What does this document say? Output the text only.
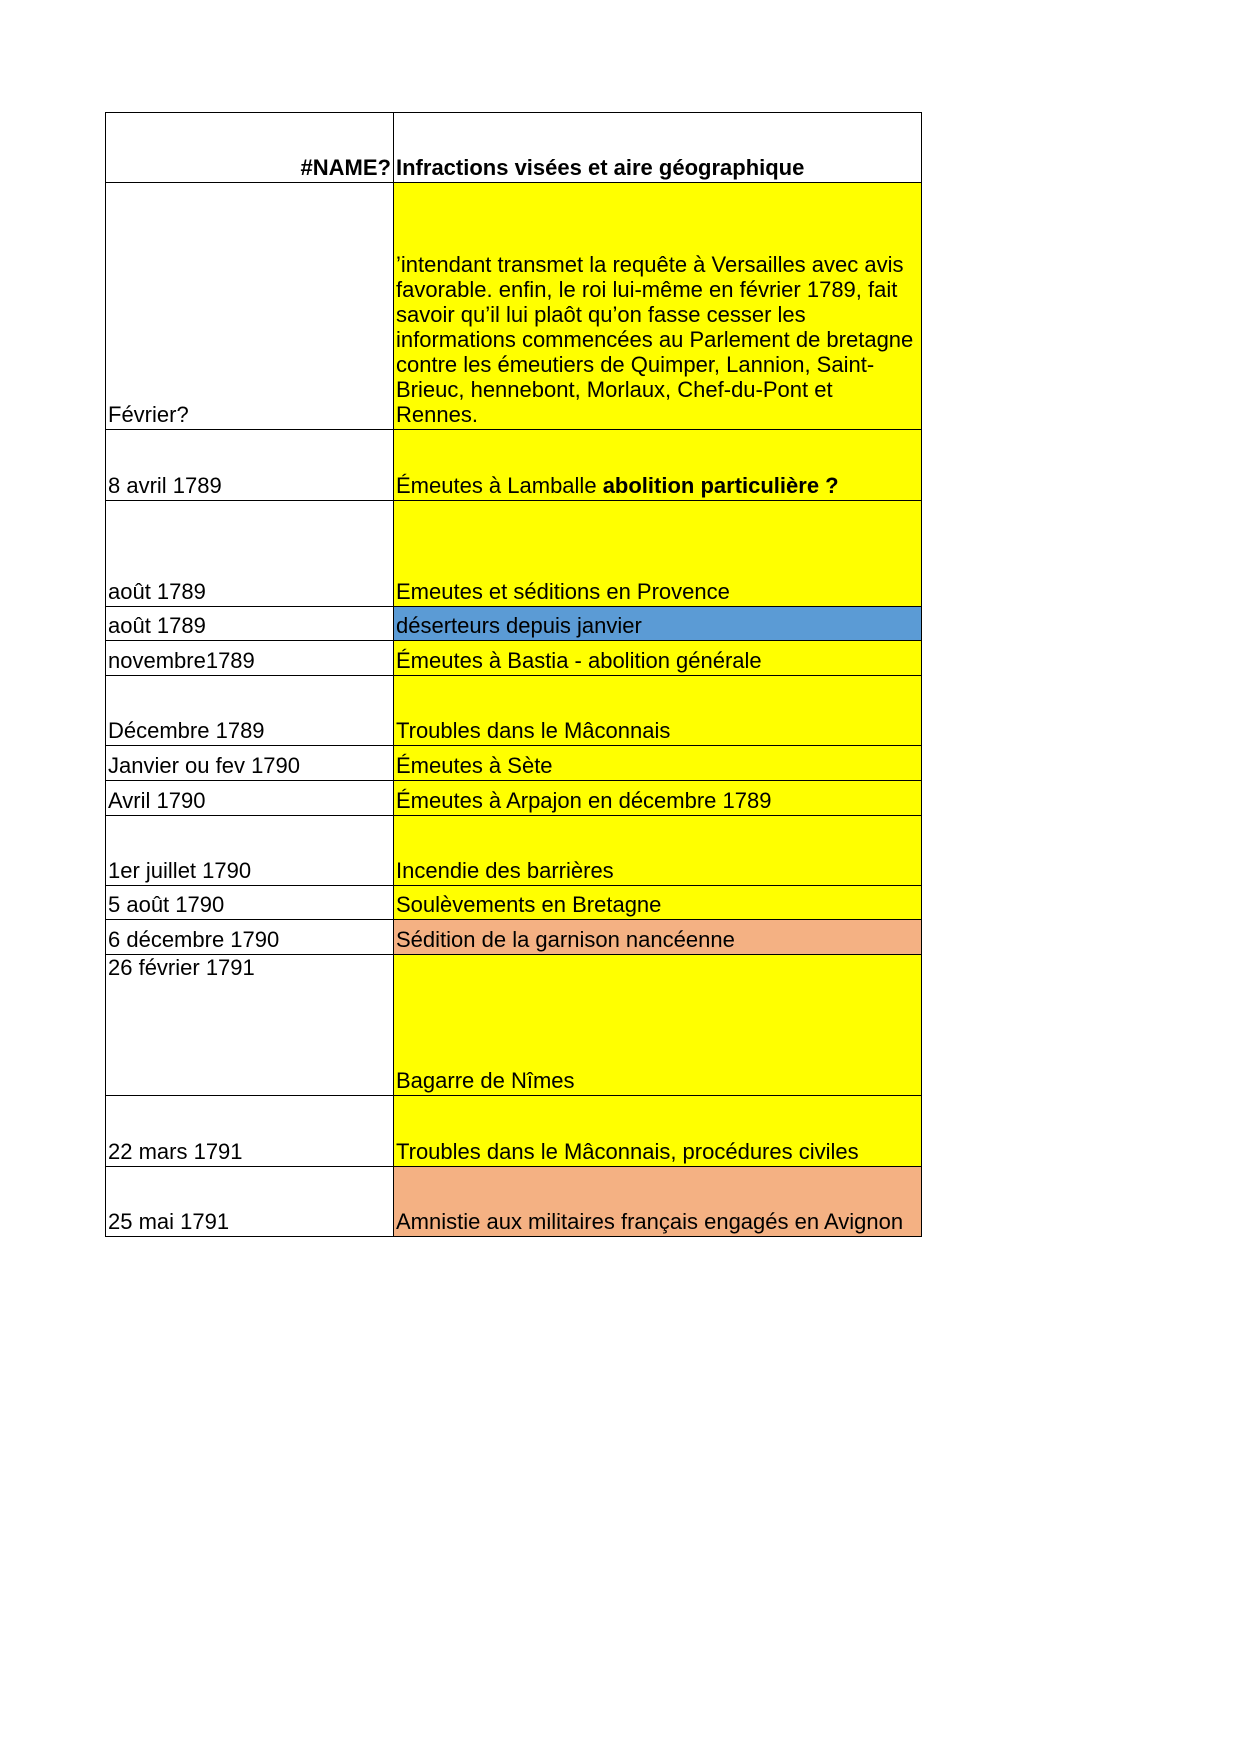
#NAME?	Infractions visées et aire géographique
Février?	’intendant transmet la requête à Versailles avec avis favorable. enfin, le roi lui-même en février 1789, fait savoir qu’il lui plaôt qu’on fasse cesser les informations commencées au Parlement de bretagne contre les émeutiers de Quimper, Lannion, Saint-Brieuc, hennebont, Morlaux, Chef-du-Pont et Rennes.
8 avril 1789	Émeutes à Lamballe abolition particulière ?
août 1789	Emeutes et séditions en Provence
août 1789	déserteurs depuis janvier
novembre1789	Émeutes à Bastia - abolition générale
Décembre 1789	Troubles dans le Mâconnais
Janvier ou fev 1790	Émeutes à Sète
Avril 1790	Émeutes à Arpajon en décembre 1789
1er juillet 1790	Incendie des barrières
5 août 1790	Soulèvements en Bretagne
6 décembre 1790	Sédition de la garnison nancéenne
26 février 1791	Bagarre de Nîmes
22 mars 1791	Troubles dans le Mâconnais, procédures civiles
25 mai 1791	Amnistie aux militaires français engagés en Avignon
